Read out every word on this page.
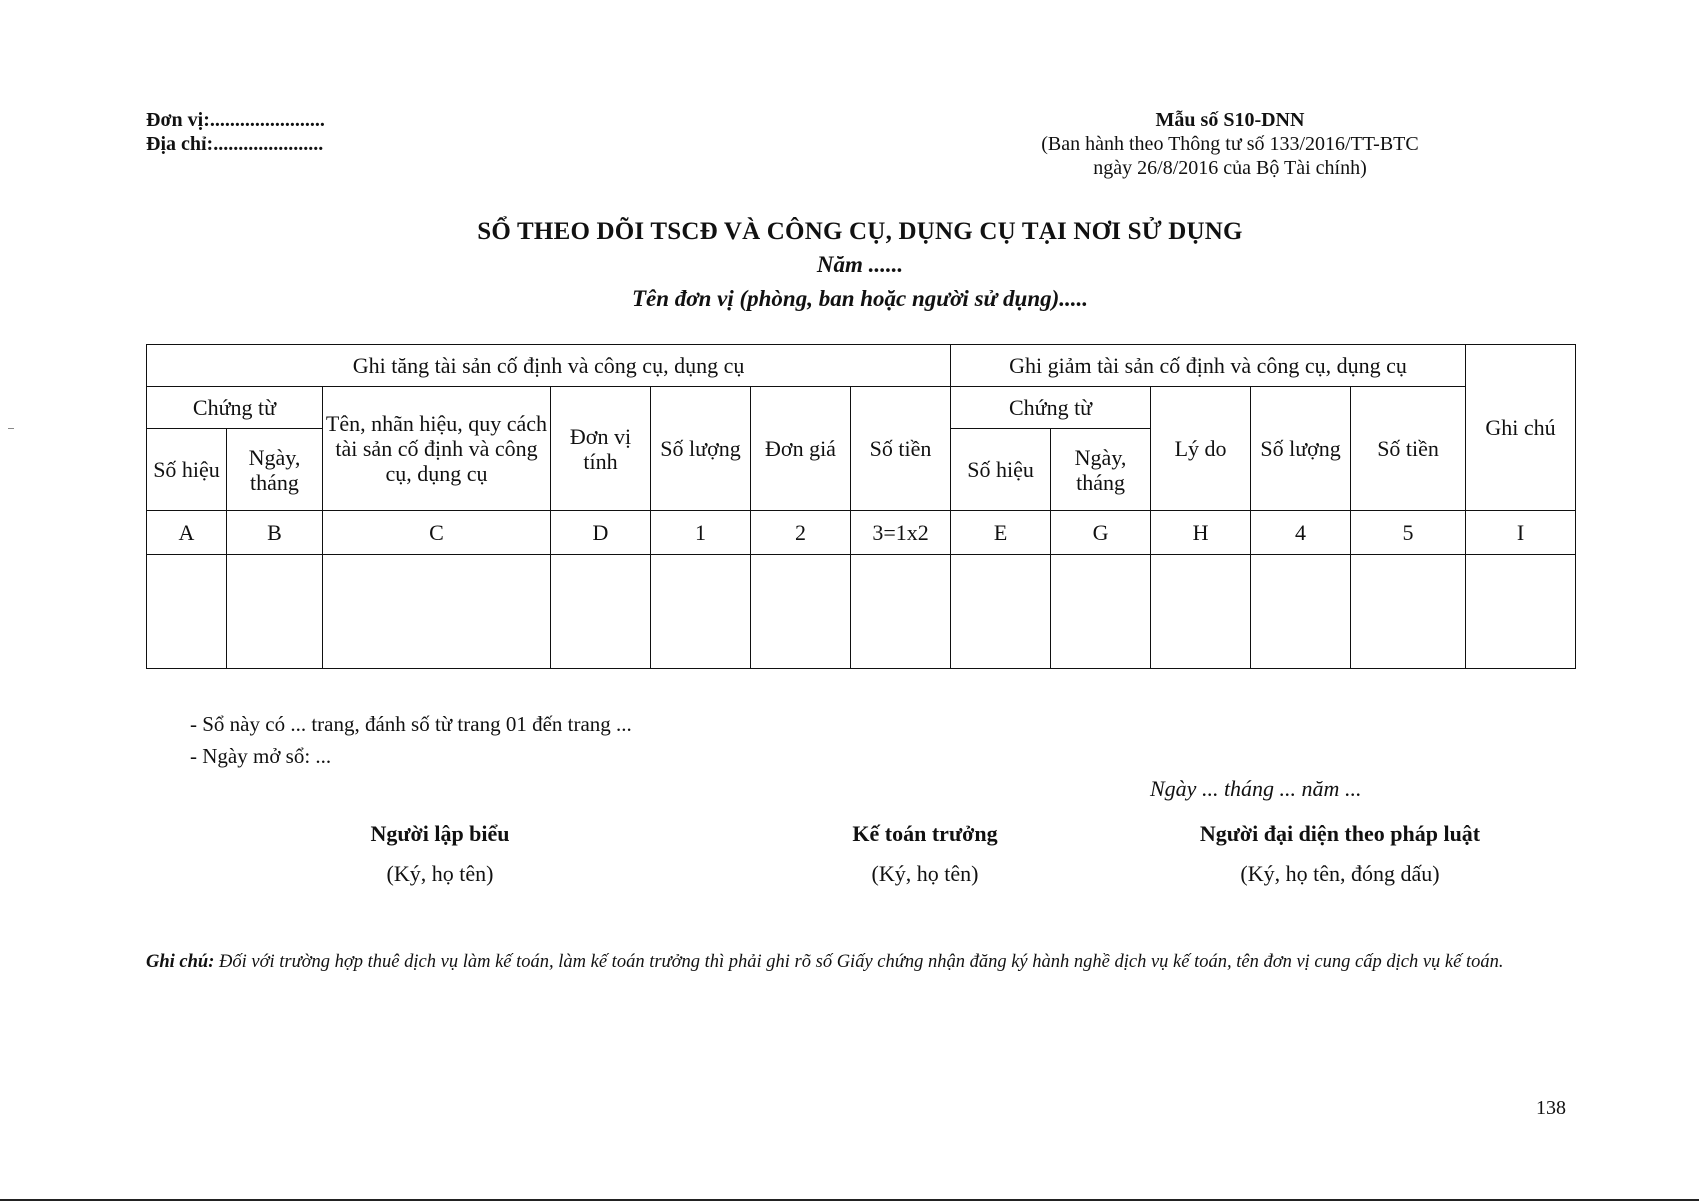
Đơn vị:.......................
Địa chỉ:......................
Mẫu số S10-DNN
(Ban hành theo Thông tư số 133/2016/TT-BTC
ngày 26/8/2016 của Bộ Tài chính)
SỔ THEO DÕI TSCĐ VÀ CÔNG CỤ, DỤNG CỤ TẠI NƠI SỬ DỤNG
Năm ......
Tên đơn vị (phòng, ban hoặc người sử dụng).....
Ghi tăng tài sản cố định và công cụ, dụng cụ							Ghi giảm tài sản cố định và công cụ, dụng cụ					Ghi chú
Chứng từ		Tên, nhãn hiệu, quy cách tài sản cố định và công cụ, dụng cụ	Đơn vị tính	Số lượng	Đơn giá	Số tiền	Chứng từ		Lý do	Số lượng	Số tiền	
Số hiệu	Ngày, tháng						Số hiệu	Ngày, tháng				
A	B	C	D	1	2	3=1x2	E	G	H	4	5	I

- Sổ này có ... trang, đánh số từ trang 01 đến trang ...
- Ngày mở sổ: ...
Ngày ... tháng ... năm ...
Người lập biểu
(Ký, họ tên)
Kế toán trưởng
(Ký, họ tên)
Người đại diện theo pháp luật
(Ký, họ tên, đóng dấu)
Ghi chú: Đối với trường hợp thuê dịch vụ làm kế toán, làm kế toán trưởng thì phải ghi rõ số Giấy chứng nhận đăng ký hành nghề dịch vụ kế toán, tên đơn vị cung cấp dịch vụ kế toán.
138
